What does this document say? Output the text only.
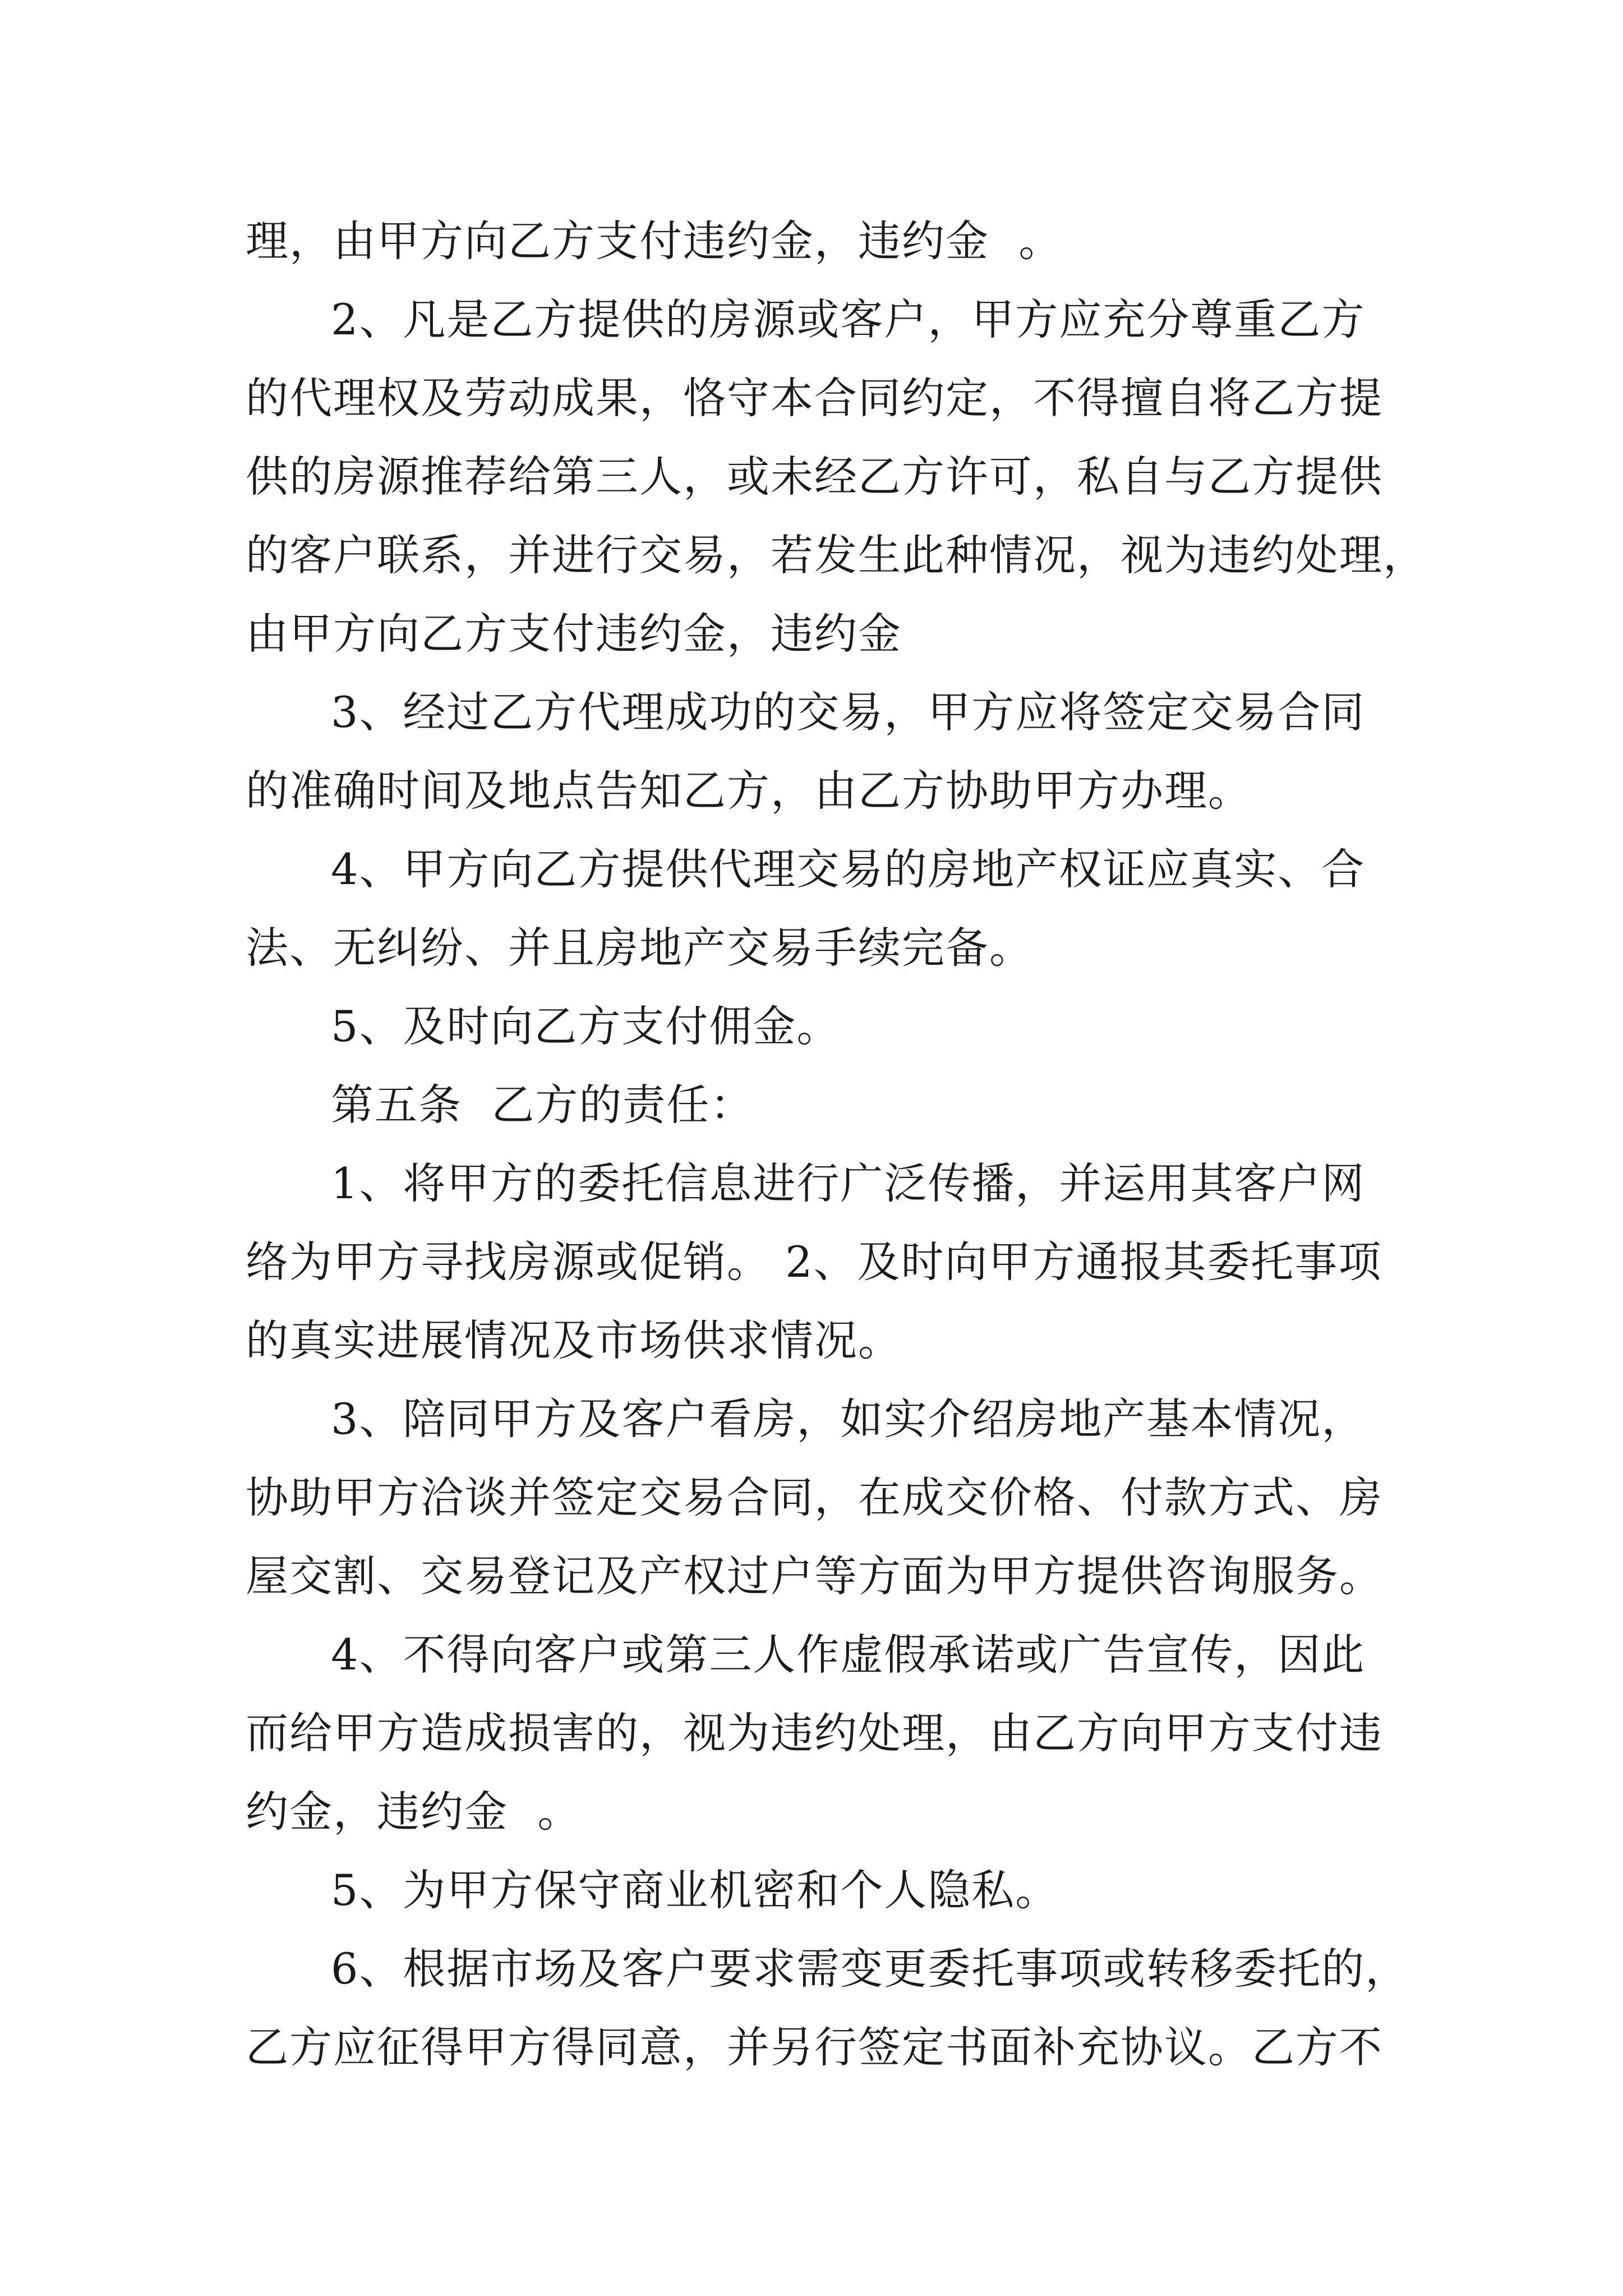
理，由甲方向乙方支付违约金，违约金  。
2、凡是乙方提供的房源或客户，甲方应充分尊重乙方
的代理权及劳动成果，恪守本合同约定，不得擅自将乙方提
供的房源推荐给第三人，或未经乙方许可，私自与乙方提供
的客户联系，并进行交易，若发生此种情况，视为违约处理，
由甲方向乙方支付违约金，违约金
3、经过乙方代理成功的交易，甲方应将签定交易合同
的准确时间及地点告知乙方，由乙方协助甲方办理。
4、甲方向乙方提供代理交易的房地产权证应真实、合
法、无纠纷、并且房地产交易手续完备。
5、及时向乙方支付佣金。
第五条  乙方的责任：
1、将甲方的委托信息进行广泛传播，并运用其客户网
络为甲方寻找房源或促销。 2、及时向甲方通报其委托事项
的真实进展情况及市场供求情况。
3、陪同甲方及客户看房，如实介绍房地产基本情况，
协助甲方洽谈并签定交易合同，在成交价格、付款方式、房
屋交割、交易登记及产权过户等方面为甲方提供咨询服务。
4、不得向客户或第三人作虚假承诺或广告宣传，因此
而给甲方造成损害的，视为违约处理，由乙方向甲方支付违
约金，违约金  。
5、为甲方保守商业机密和个人隐私。
6、根据市场及客户要求需变更委托事项或转移委托的，
乙方应征得甲方得同意，并另行签定书面补充协议。乙方不
